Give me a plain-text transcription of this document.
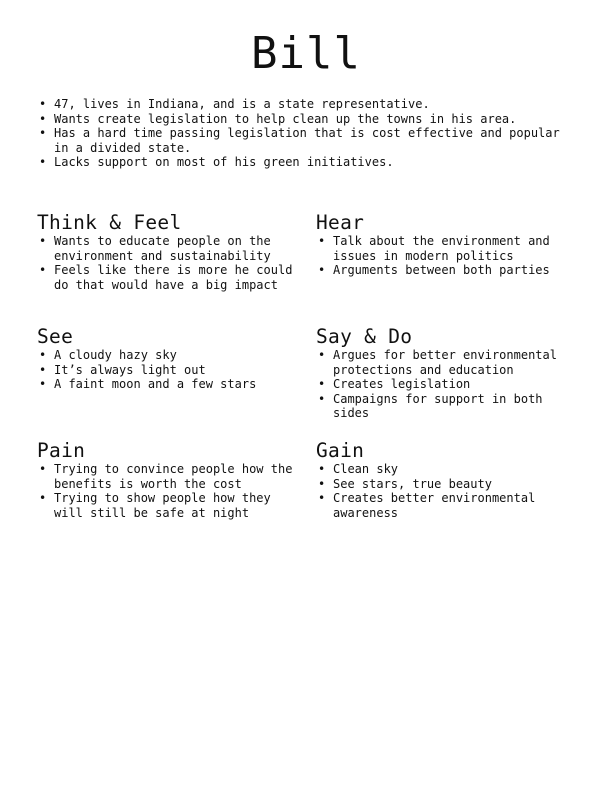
Bill
• 47, lives in Indiana, and is a state representative.
• Wants create legislation to help clean up the towns in his area.
• Has a hard time passing legislation that is cost effective and popular in a divided state.
• Lacks support on most of his green initiatives.
Think & Feel
• Wants to educate people on the environment and sustainability
• Feels like there is more he could do that would have a big impact
Hear
• Talk about the environment and issues in modern politics
• Arguments between both parties
See
• A cloudy hazy sky
• It’s always light out
• A faint moon and a few stars
Say & Do
• Argues for better environmental protections and education
• Creates legislation
• Campaigns for support in both sides
Pain
• Trying to convince people how the benefits is worth the cost
• Trying to show people how they will still be safe at night
Gain
• Clean sky
• See stars, true beauty
• Creates better environmental awareness
